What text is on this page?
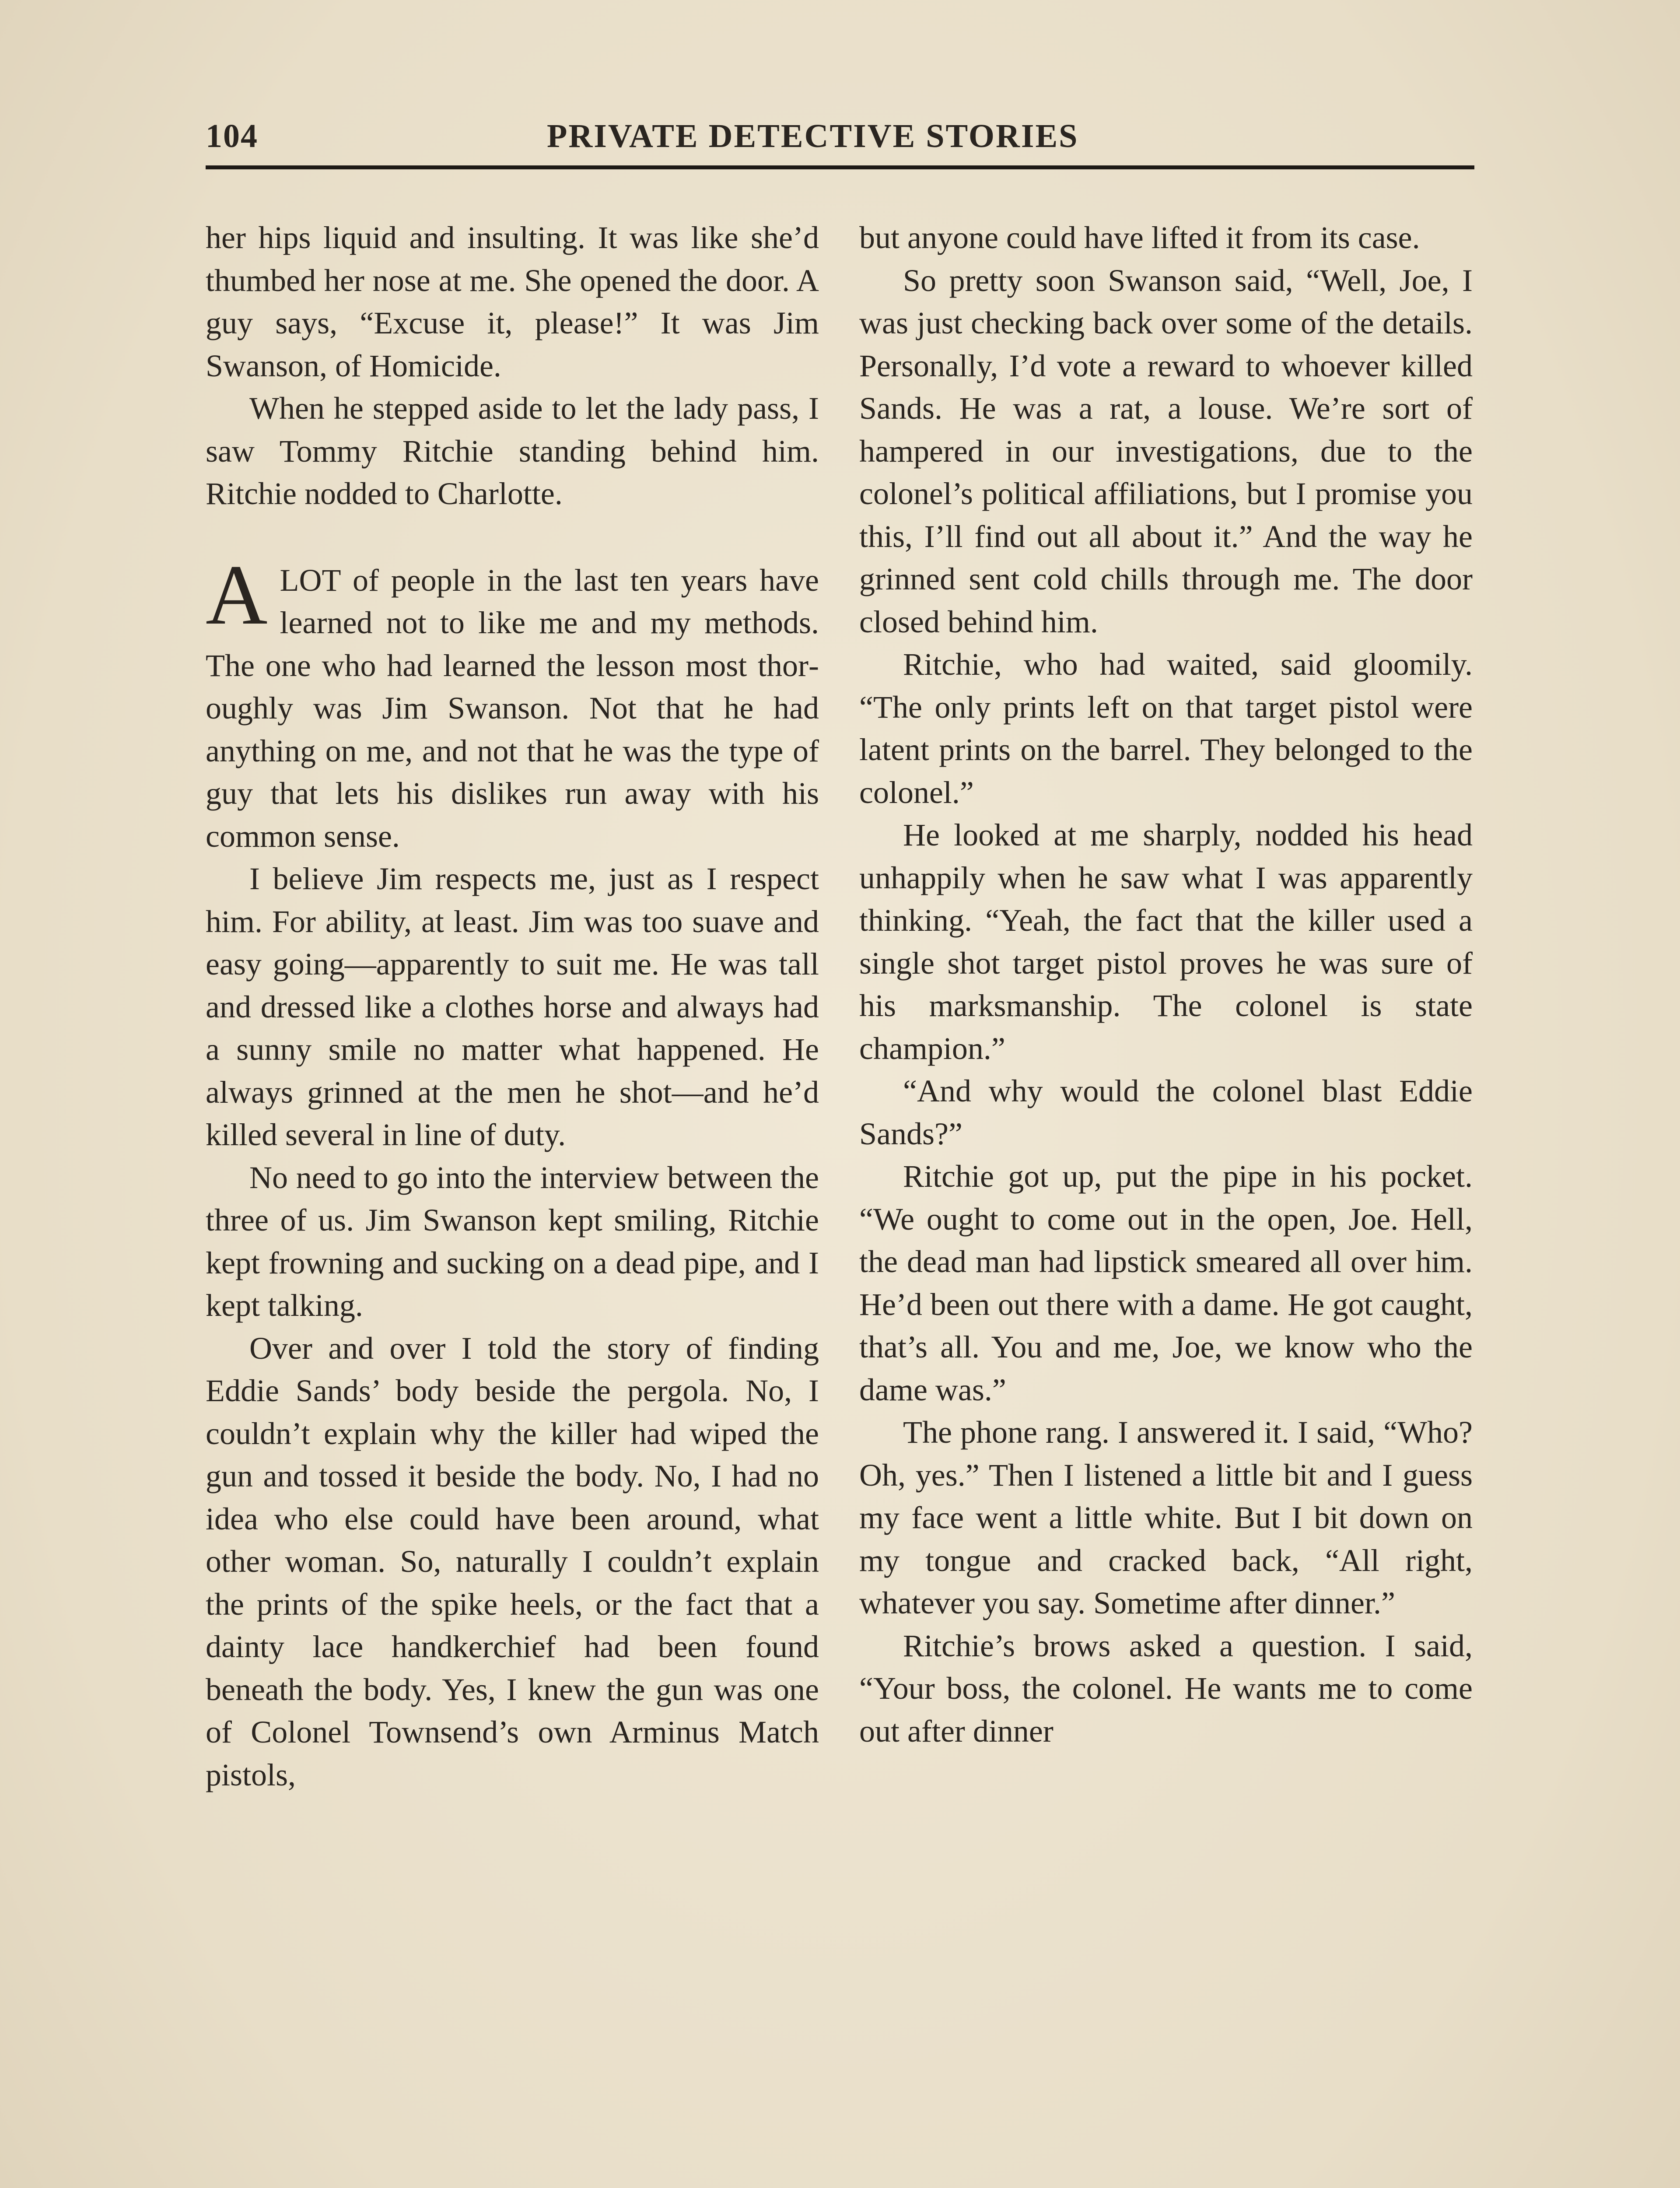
104	PRIVATE DETECTIVE STORIES

her hips liquid and insulting. It was like she’d thumbed her nose at me. She opened the door. A guy says, “Excuse it, please!” It was Jim Swanson, of Homicide.

When he stepped aside to let the lady pass, I saw Tommy Ritchie standing behind him. Ritchie nodded to Charlotte.

A LOT of people in the last ten years have learned not to like me and my methods. The one who had learned the lesson most thoroughly was Jim Swanson. Not that he had anything on me, and not that he was the type of guy that lets his dislikes run away with his common sense.

I believe Jim respects me, just as I respect him. For ability, at least. Jim was too suave and easy going—apparently to suit me. He was tall and dressed like a clothes horse and always had a sunny smile no matter what happened. He always grinned at the men he shot—and he’d killed several in line of duty.

No need to go into the interview between the three of us. Jim Swanson kept smiling, Ritchie kept frowning and sucking on a dead pipe, and I kept talking.

Over and over I told the story of finding Eddie Sands’ body beside the pergola. No, I couldn’t explain why the killer had wiped the gun and tossed it beside the body. No, I had no idea who else could have been around, what other woman. So, naturally I couldn’t explain the prints of the spike heels, or the fact that a dainty lace handkerchief had been found beneath the body. Yes, I knew the gun was one of Colonel Townsend’s own Arminus Match pistols,

but anyone could have lifted it from its case.

So pretty soon Swanson said, “Well, Joe, I was just checking back over some of the details. Personally, I’d vote a reward to whoever killed Sands. He was a rat, a louse. We’re sort of hampered in our investigations, due to the colonel’s political affiliations, but I promise you this, I’ll find out all about it.” And the way he grinned sent cold chills through me. The door closed behind him.

Ritchie, who had waited, said gloomily. “The only prints left on that target pistol were latent prints on the barrel. They belonged to the colonel.”

He looked at me sharply, nodded his head unhappily when he saw what I was apparently thinking. “Yeah, the fact that the killer used a single shot target pistol proves he was sure of his marksmanship. The colonel is state champion.”

“And why would the colonel blast Eddie Sands?”

Ritchie got up, put the pipe in his pocket. “We ought to come out in the open, Joe. Hell, the dead man had lipstick smeared all over him. He’d been out there with a dame. He got caught, that’s all. You and me, Joe, we know who the dame was.”

The phone rang. I answered it. I said, “Who? Oh, yes.” Then I listened a little bit and I guess my face went a little white. But I bit down on my tongue and cracked back, “All right, whatever you say. Sometime after dinner.”

Ritchie’s brows asked a question. I said, “Your boss, the colonel. He wants me to come out after dinner
